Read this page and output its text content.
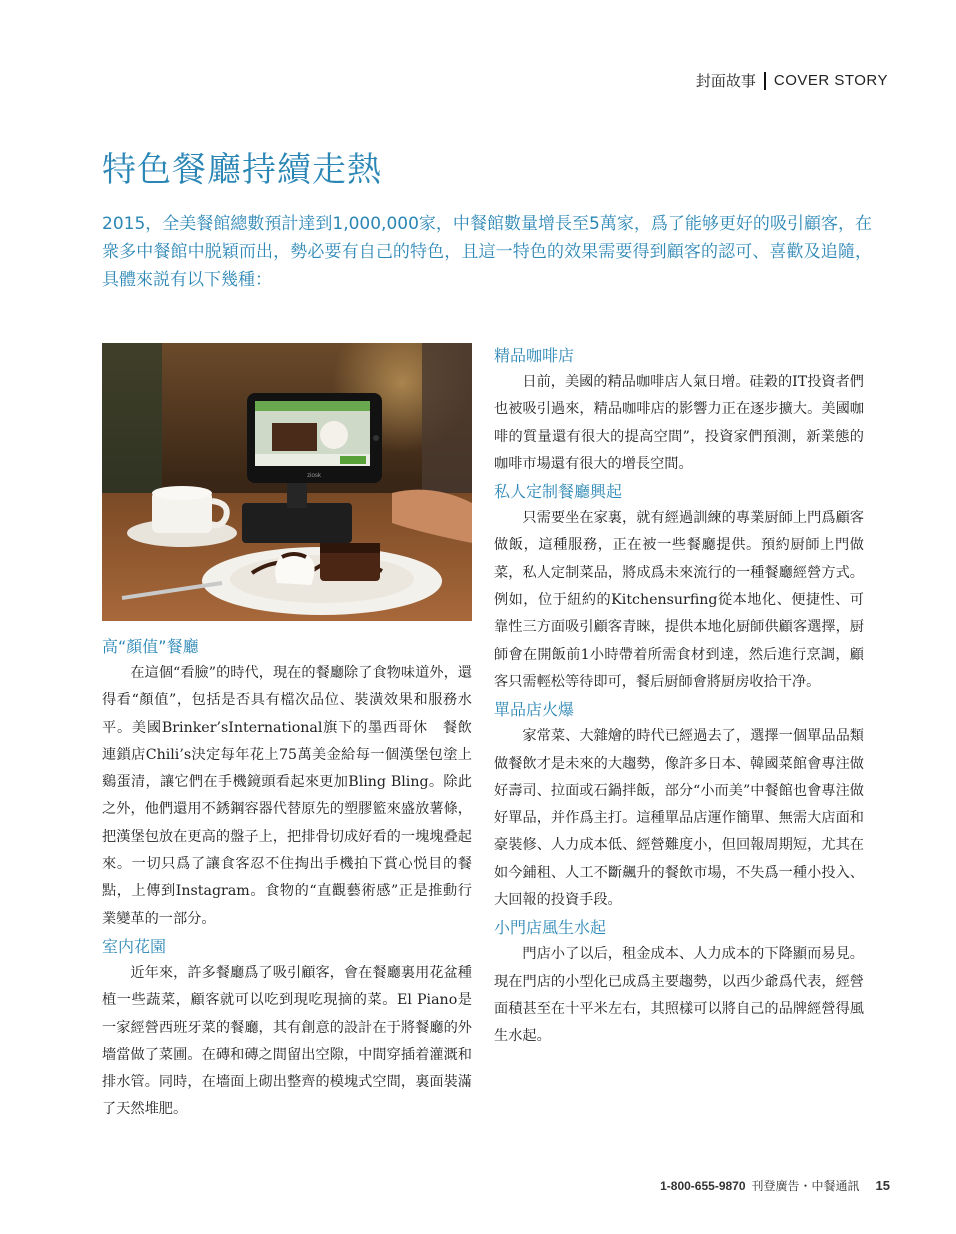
封面故事 COVER STORY
特色餐廳持續走熱
2015，全美餐館總數預計達到1,000,000家，中餐館數量增長至5萬家，爲了能够更好的吸引顧客，在衆多中餐館中脱穎而出，勢必要有自己的特色，且這一特色的效果需要得到顧客的認可、喜歡及追隨，具體來説有以下幾種：
ziosk
高“顏值”餐廳

在這個“看臉”的時代，現在的餐廳除了食物味道外，還得看“顏值”，包括是否具有檔次品位、裝潢效果和服務水平。美國Brinker’sInternational旗下的墨西哥休　餐飲連鎖店Chili’s決定每年花上75萬美金給每一個漢堡包塗上鷄蛋清，讓它們在手機鏡頭看起來更加Bling Bling。除此之外，他們還用不銹鋼容器代替原先的塑膠籃來盛放薯條，把漢堡包放在更高的盤子上，把排骨切成好看的一塊塊叠起來。一切只爲了讓食客忍不住掏出手機拍下賞心悦目的餐點，上傳到Instagram。食物的“直觀藝術感”正是推動行業變革的一部分。

室内花園

近年來，許多餐廳爲了吸引顧客，會在餐廳裏用花盆種植一些蔬菜，顧客就可以吃到現吃現摘的菜。El Piano是一家經營西班牙菜的餐廳，其有創意的設計在于將餐廳的外墻當做了菜圃。在磚和磚之間留出空隙，中間穿插着灌溉和排水管。同時，在墻面上砌出整齊的模塊式空間，裏面裝滿了天然堆肥。

精品咖啡店

日前，美國的精品咖啡店人氣日增。硅穀的IT投資者們也被吸引過來，精品咖啡店的影響力正在逐步擴大。美國咖啡的質量還有很大的提高空間”，投資家們預測，新業態的咖啡市場還有很大的增長空間。

私人定制餐廳興起

只需要坐在家裏，就有經過訓練的專業厨師上門爲顧客做飯，這種服務，正在被一些餐廳提供。預約厨師上門做菜，私人定制菜品，將成爲未來流行的一種餐廳經營方式。例如，位于紐約的Kitchensurfing從本地化、便捷性、可靠性三方面吸引顧客青睞，提供本地化厨師供顧客選擇，厨師會在開飯前1小時帶着所需食材到達，然后進行烹調，顧客只需輕松等待即可，餐后厨師會將厨房收拾干净。

單品店火爆

家常菜、大雜燴的時代已經過去了，選擇一個單品品類做餐飲才是未來的大趨勢，像許多日本、韓國菜館會專注做好壽司、拉面或石鍋拌飯，部分“小而美”中餐館也會專注做好單品，并作爲主打。這種單品店運作簡單、無需大店面和豪裝修、人力成本低、經營難度小，但回報周期短，尤其在如今鋪租、人工不斷飆升的餐飲市場，不失爲一種小投入、大回報的投資手段。

小門店風生水起

門店小了以后，租金成本、人力成本的下降顯而易見。現在門店的小型化已成爲主要趨勢，以西少爺爲代表，經營面積甚至在十平米左右，其照樣可以將自己的品牌經營得風生水起。

1-800-655-9870 刊登廣告・中餐通訊 15
